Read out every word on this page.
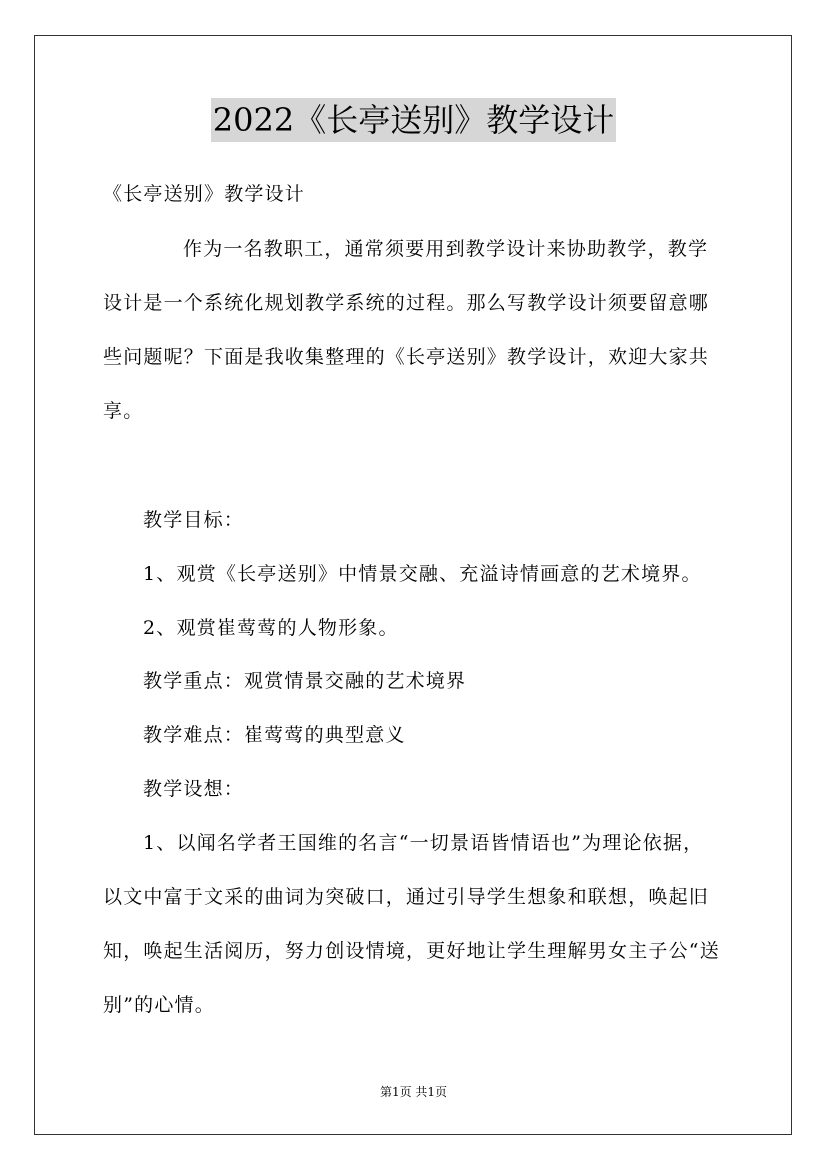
2022《长亭送别》教学设计
《长亭送别》教学设计
作为一名教职工，通常须要用到教学设计来协助教学，教学
设计是一个系统化规划教学系统的过程。那么写教学设计须要留意哪
些问题呢？下面是我收集整理的《长亭送别》教学设计，欢迎大家共
享。
教学目标：
1、观赏《长亭送别》中情景交融、充溢诗情画意的艺术境界。
2、观赏崔莺莺的人物形象。
教学重点：观赏情景交融的艺术境界
教学难点：崔莺莺的典型意义
教学设想：
1、以闻名学者王国维的名言“一切景语皆情语也”为理论依据，
以文中富于文采的曲词为突破口，通过引导学生想象和联想，唤起旧
知，唤起生活阅历，努力创设情境，更好地让学生理解男女主子公“送
别”的心情。
第1页 共1页
